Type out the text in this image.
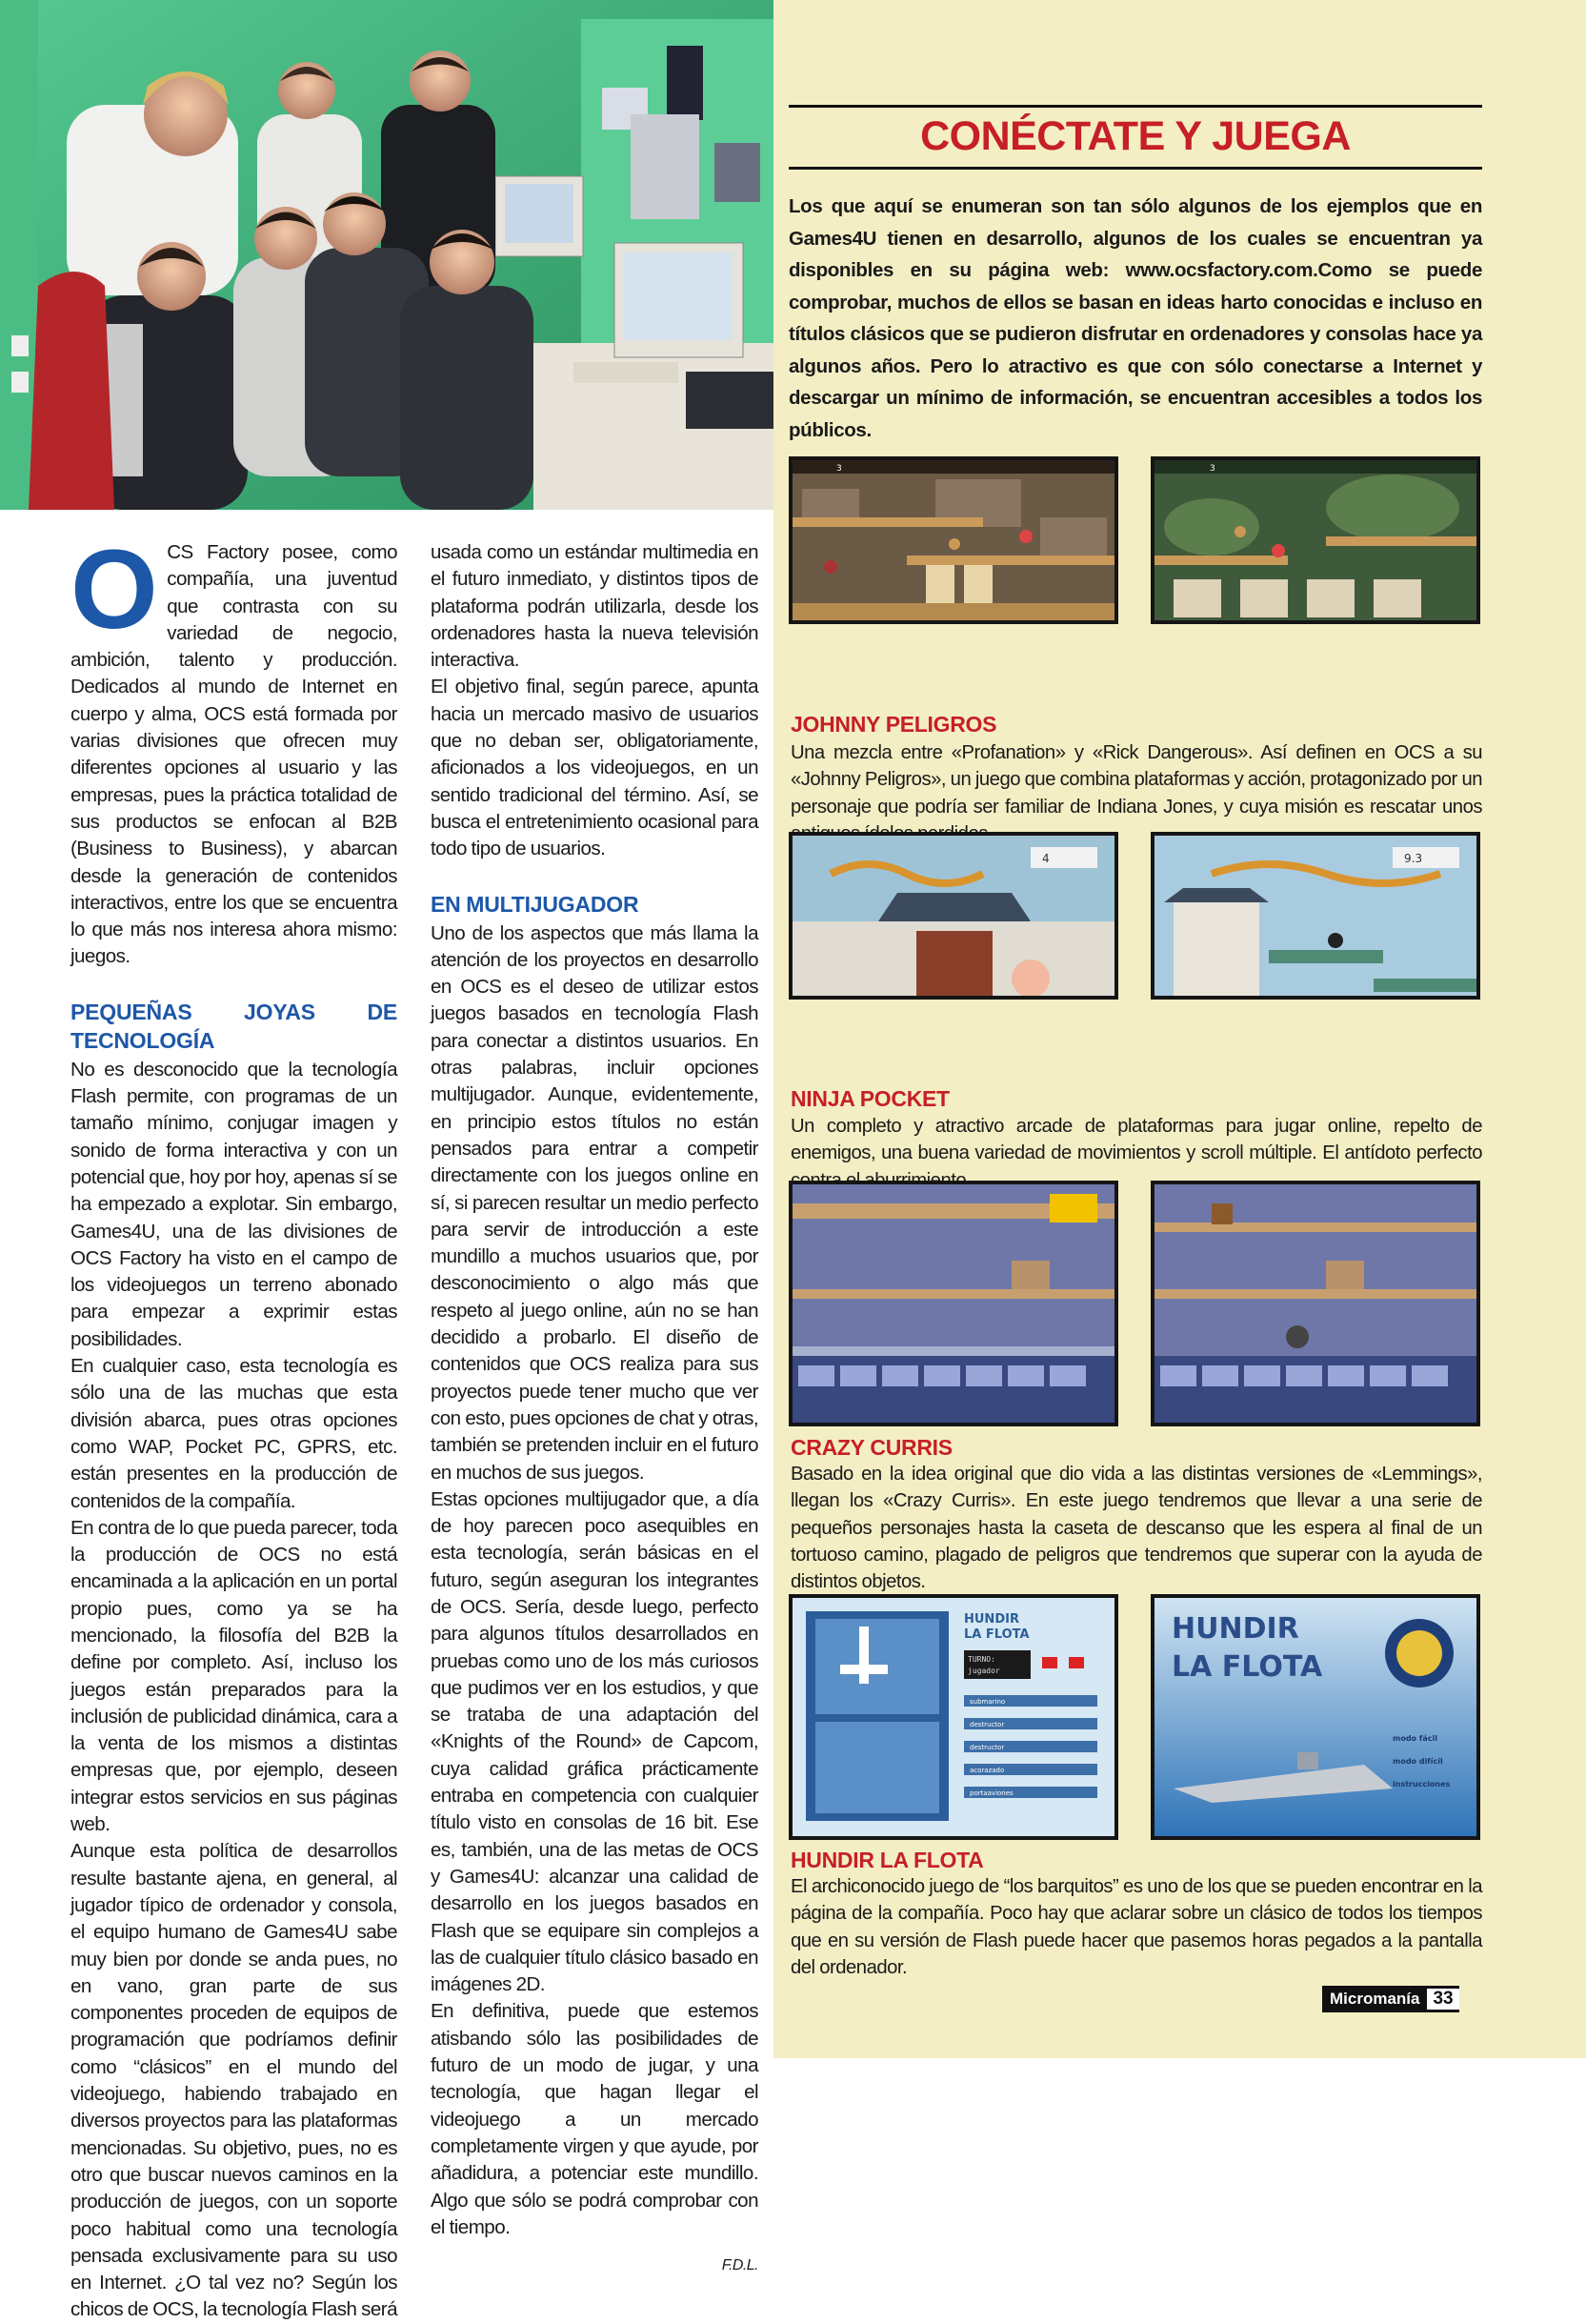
OCS Factory posee, como compañía, una juventud que contrasta con su variedad de negocio, ambición, talento y producción. Dedicados al mundo de Internet en cuerpo y alma, OCS está formada por varias divisiones que ofrecen muy diferentes opciones al usuario y las empresas, pues la práctica totalidad de sus productos se enfocan al B2B (Business to Business), y abarcan desde la generación de contenidos interactivos, entre los que se encuentra lo que más nos interesa ahora mismo: juegos.

PEQUEÑAS JOYAS DE TECNOLOGÍA

No es desconocido que la tecnología Flash permite, con programas de un tamaño mínimo, conjugar imagen y sonido de forma interactiva y con un potencial que, hoy por hoy, apenas sí se ha empezado a explotar. Sin embargo, Games4U, una de las divisiones de OCS Factory ha visto en el campo de los videojuegos un terreno abonado para empezar a exprimir estas posibilidades.

En cualquier caso, esta tecnología es sólo una de las muchas que esta división abarca, pues otras opciones como WAP, Pocket PC, GPRS, etc. están presentes en la producción de contenidos de la compañía.

En contra de lo que pueda parecer, toda la producción de OCS no está encaminada a la aplicación en un portal propio pues, como ya se ha mencionado, la filosofía del B2B la define por completo. Así, incluso los juegos están preparados para la inclusión de publicidad dinámica, cara a la venta de los mismos a distintas empresas que, por ejemplo, deseen integrar estos servicios en sus páginas web.

Aunque esta política de desarrollos resulte bastante ajena, en general, al jugador típico de ordenador y consola, el equipo humano de Games4U sabe muy bien por donde se anda pues, no en vano, gran parte de sus componentes proceden de equipos de programación que podríamos definir como “clásicos” en el mundo del videojuego, habiendo trabajado en diversos proyectos para las plataformas mencionadas. Su objetivo, pues, no es otro que buscar nuevos caminos en la producción de juegos, con un soporte poco habitual como una tecnología pensada exclusivamente para su uso en Internet. ¿O tal vez no? Según los chicos de OCS, la tecnología Flash será

usada como un estándar multimedia en el futuro inmediato, y distintos tipos de plataforma podrán utilizarla, desde los ordenadores hasta la nueva televisión interactiva.

El objetivo final, según parece, apunta hacia un mercado masivo de usuarios que no deban ser, obligatoriamente, aficionados a los videojuegos, en un sentido tradicional del término. Así, se busca el entretenimiento ocasional para todo tipo de usuarios.

EN MULTIJUGADOR

Uno de los aspectos que más llama la atención de los proyectos en desarrollo en OCS es el deseo de utilizar estos juegos basados en tecnología Flash para conectar a distintos usuarios. En otras palabras, incluir opciones multijugador. Aunque, evidentemente, en principio estos títulos no están pensados para entrar a competir directamente con los juegos online en sí, si parecen resultar un medio perfecto para servir de introducción a este mundillo a muchos usuarios que, por desconocimiento o algo más que respeto al juego online, aún no se han decidido a probarlo. El diseño de contenidos que OCS realiza para sus proyectos puede tener mucho que ver con esto, pues opciones de chat y otras, también se pretenden incluir en el futuro en muchos de sus juegos.

Estas opciones multijugador que, a día de hoy parecen poco asequibles en esta tecnología, serán básicas en el futuro, según aseguran los integrantes de OCS. Sería, desde luego, perfecto para algunos títulos desarrollados en pruebas como uno de los más curiosos que pudimos ver en los estudios, y que se trataba de una adaptación del «Knights of the Round» de Capcom, cuya calidad gráfica prácticamente entraba en competencia con cualquier título visto en consolas de 16 bit. Ese es, también, una de las metas de OCS y Games4U: alcanzar una calidad de desarrollo en los juegos basados en Flash que se equipare sin complejos a las de cualquier título clásico basado en imágenes 2D.

En definitiva, puede que estemos atisbando sólo las posibilidades de futuro de un modo de jugar, y una tecnología, que hagan llegar el videojuego a un mercado completamente virgen y que ayude, por añadidura, a potenciar este mundillo. Algo que sólo se podrá comprobar con el tiempo.

F.D.L.

CONÉCTATE Y JUEGA
Los que aquí se enumeran son tan sólo algunos de los ejemplos que en Games4U tienen en desarrollo, algunos de los cuales se encuentran ya disponibles en su página web: www.ocsfactory.com.Como se puede comprobar, muchos de ellos se basan en ideas harto conocidas e incluso en títulos clásicos que se pudieron disfrutar en ordenadores y consolas hace ya algunos años. Pero lo atractivo es que con sólo conectarse a Internet y descargar un mínimo de información, se encuentran accesibles a todos los públicos.
3	3
JOHNNY PELIGROS
Una mezcla entre «Profanation» y «Rick Dangerous». Así definen en OCS a su «Johnny Peligros», un juego que combina plataformas y acción, protagonizado por un personaje que podría ser familiar de Indiana Jones, y cuya misión es rescatar unos
4	9.3
NINJA POCKET
Un completo y atractivo arcade de plataformas para jugar online, repelto de enemigos, una buena variedad de movimientos y scroll múltiple. El antídoto perfecto
CRAZY CURRIS
Basado en la idea original que dio vida a las distintas versiones de «Lemmings», llegan los «Crazy Curris». En este juego tendremos que llevar a una serie de pequeños personajes hasta la caseta de descanso que les espera al final de un tortuoso camino, plagado de peligros que tendremos que superar con la ayuda de distintos objetos.
HUNDIR
LA FLOTA
TURNO:
jugador
submarino
destructor
destructor
acorazado
portaaviones
HUNDIR
LA FLOTA
modo fácil
modo difícil
instrucciones
HUNDIR LA FLOTA
El archiconocido juego de “los barquitos” es uno de los que se pueden encontrar en la página de la compañía. Poco hay que aclarar sobre un clásico de todos los tiempos que en su versión de Flash puede hacer que pasemos horas pegados a la pantalla del ordenador.
Micromanía 33
